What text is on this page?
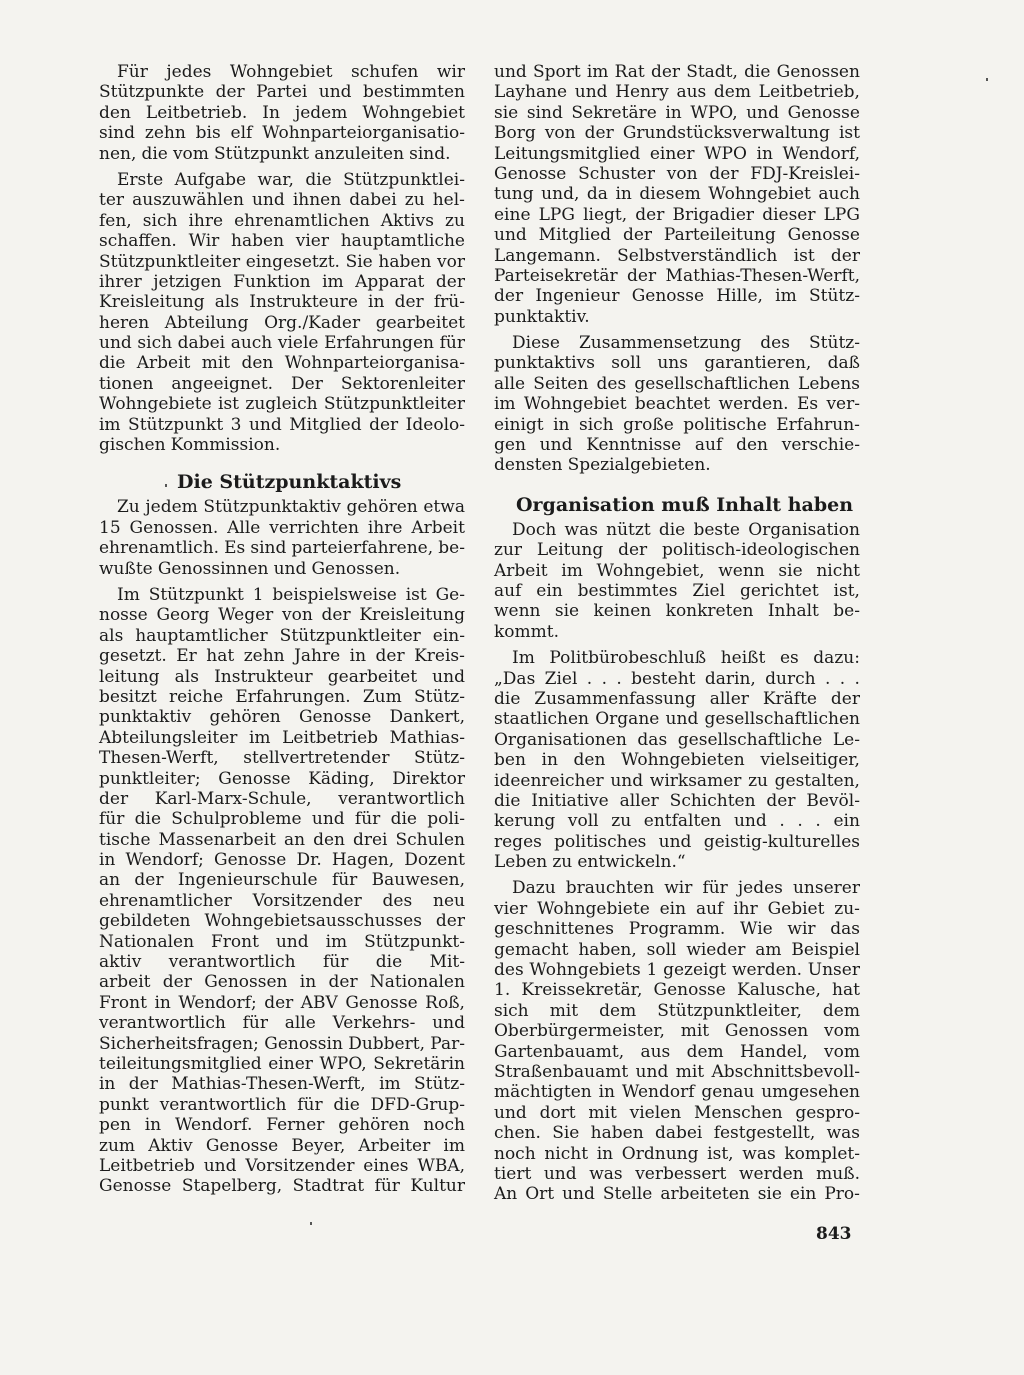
Für jedes Wohngebiet schufen wir
Stützpunkte der Partei und bestimmten
den Leitbetrieb. In jedem Wohngebiet
sind zehn bis elf Wohnparteiorganisatio-
nen, die vom Stützpunkt anzuleiten sind.
Erste Aufgabe war, die Stützpunktlei-
ter auszuwählen und ihnen dabei zu hel-
fen, sich ihre ehrenamtlichen Aktivs zu
schaffen. Wir haben vier hauptamtliche
Stützpunktleiter eingesetzt. Sie haben vor
ihrer jetzigen Funktion im Apparat der
Kreisleitung als Instrukteure in der frü-
heren Abteilung Org./Kader gearbeitet
und sich dabei auch viele Erfahrungen für
die Arbeit mit den Wohnparteiorganisa-
tionen angeeignet. Der Sektorenleiter
Wohngebiete ist zugleich Stützpunktleiter
im Stützpunkt 3 und Mitglied der Ideolo-
gischen Kommission.
Die Stützpunktaktivs
Zu jedem Stützpunktaktiv gehören etwa
15 Genossen. Alle verrichten ihre Arbeit
ehrenamtlich. Es sind parteierfahrene, be-
wußte Genossinnen und Genossen.
Im Stützpunkt 1 beispielsweise ist Ge-
nosse Georg Weger von der Kreisleitung
als hauptamtlicher Stützpunktleiter ein-
gesetzt. Er hat zehn Jahre in der Kreis-
leitung als Instrukteur gearbeitet und
besitzt reiche Erfahrungen. Zum Stütz-
punktaktiv gehören Genosse Dankert,
Abteilungsleiter im Leitbetrieb Mathias-
Thesen-Werft, stellvertretender Stütz-
punktleiter; Genosse Käding, Direktor
der Karl-Marx-Schule, verantwortlich
für die Schulprobleme und für die poli-
tische Massenarbeit an den drei Schulen
in Wendorf; Genosse Dr. Hagen, Dozent
an der Ingenieurschule für Bauwesen,
ehrenamtlicher Vorsitzender des neu
gebildeten Wohngebietsausschusses der
Nationalen Front und im Stützpunkt-
aktiv verantwortlich für die Mit-
arbeit der Genossen in der Nationalen
Front in Wendorf; der ABV Genosse Roß,
verantwortlich für alle Verkehrs- und
Sicherheitsfragen; Genossin Dubbert, Par-
teileitungsmitglied einer WPO, Sekretärin
in der Mathias-Thesen-Werft, im Stütz-
punkt verantwortlich für die DFD-Grup-
pen in Wendorf. Ferner gehören noch
zum Aktiv Genosse Beyer, Arbeiter im
Leitbetrieb und Vorsitzender eines WBA,
Genosse Stapelberg, Stadtrat für Kultur
und Sport im Rat der Stadt, die Genossen
Layhane und Henry aus dem Leitbetrieb,
sie sind Sekretäre in WPO, und Genosse
Borg von der Grundstücksverwaltung ist
Leitungsmitglied einer WPO in Wendorf,
Genosse Schuster von der FDJ-Kreislei-
tung und, da in diesem Wohngebiet auch
eine LPG liegt, der Brigadier dieser LPG
und Mitglied der Parteileitung Genosse
Langemann. Selbstverständlich ist der
Parteisekretär der Mathias-Thesen-Werft,
der Ingenieur Genosse Hille, im Stütz-
punktaktiv.
Diese Zusammensetzung des Stütz-
punktaktivs soll uns garantieren, daß
alle Seiten des gesellschaftlichen Lebens
im Wohngebiet beachtet werden. Es ver-
einigt in sich große politische Erfahrun-
gen und Kenntnisse auf den verschie-
densten Spezialgebieten.
Organisation muß Inhalt haben
Doch was nützt die beste Organisation
zur Leitung der politisch-ideologischen
Arbeit im Wohngebiet, wenn sie nicht
auf ein bestimmtes Ziel gerichtet ist,
wenn sie keinen konkreten Inhalt be-
kommt.
Im Politbürobeschluß heißt es dazu:
„Das Ziel . . . besteht darin, durch . . .
die Zusammenfassung aller Kräfte der
staatlichen Organe und gesellschaftlichen
Organisationen das gesellschaftliche Le-
ben in den Wohngebieten vielseitiger,
ideenreicher und wirksamer zu gestalten,
die Initiative aller Schichten der Bevöl-
kerung voll zu entfalten und . . . ein
reges politisches und geistig-kulturelles
Leben zu entwickeln.“
Dazu brauchten wir für jedes unserer
vier Wohngebiete ein auf ihr Gebiet zu-
geschnittenes Programm. Wie wir das
gemacht haben, soll wieder am Beispiel
des Wohngebiets 1 gezeigt werden. Unser
1. Kreissekretär, Genosse Kalusche, hat
sich mit dem Stützpunktleiter, dem
Oberbürgermeister, mit Genossen vom
Gartenbauamt, aus dem Handel, vom
Straßenbauamt und mit Abschnittsbevoll-
mächtigten in Wendorf genau umgesehen
und dort mit vielen Menschen gespro-
chen. Sie haben dabei festgestellt, was
noch nicht in Ordnung ist, was komplet-
tiert und was verbessert werden muß.
An Ort und Stelle arbeiteten sie ein Pro-
843
